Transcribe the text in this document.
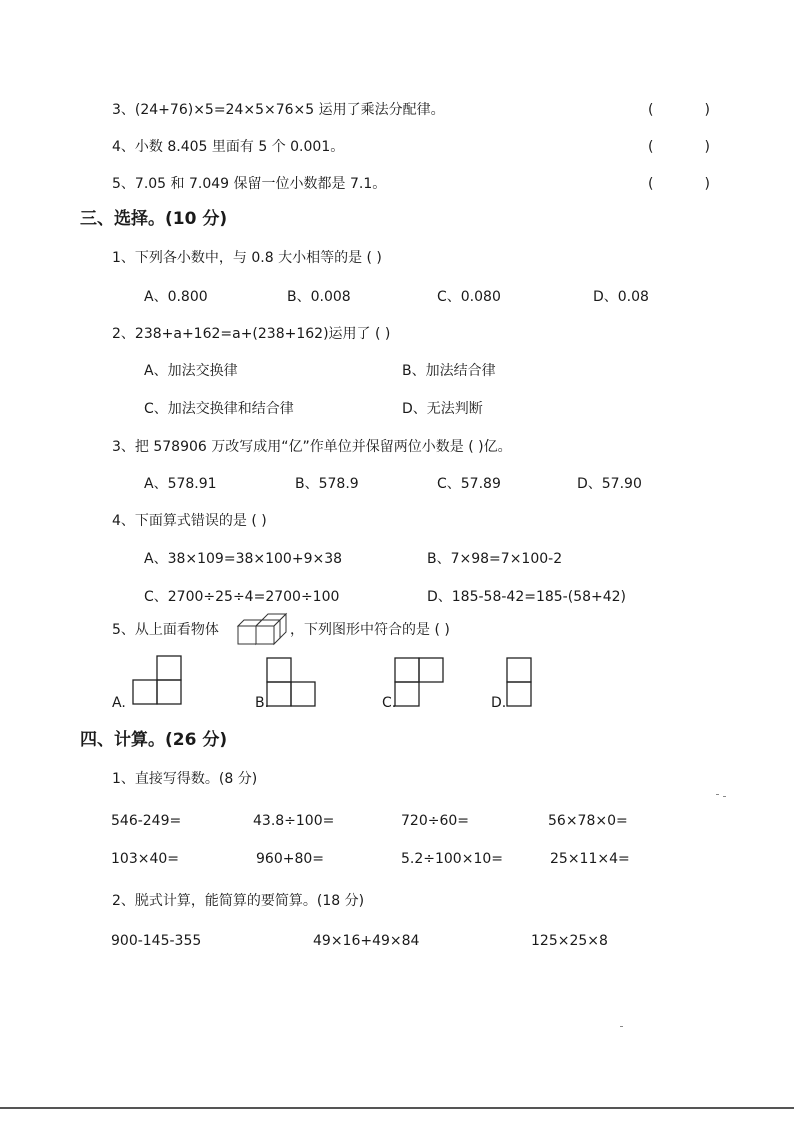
3、(24+76)×5=24×5×76×5 运用了乘法分配律。	(	)
4、小数 8.405 里面有 5 个 0.001。	(	)
5、7.05 和 7.049 保留一位小数都是 7.1。	(	)
三、选择。(10 分)
1、下列各小数中，与 0.8 大小相等的是 ( )
A、0.800	B、0.008	C、0.080	D、0.08
2、238+a+162=a+(238+162)运用了 ( )
A、加法交换律	B、加法结合律
C、加法交换律和结合律	D、无法判断
3、把 578906 万改写成用“亿”作单位并保留两位小数是 ( )亿。
A、578.91	B、578.9	C、57.89	D、57.90
4、下面算式错误的是 ( )
A、38×109=38×100+9×38	B、7×98=7×100-2
C、2700÷25÷4=2700÷100	D、185-58-42=185-(58+42)
5、从上面看物体	，下列图形中符合的是 ( )
A.	B.	C.	D.
四、计算。(26 分)
1、直接写得数。(8 分)
546-249=	43.8÷100=	720÷60=	56×78×0=
103×40=	960+80=	5.2÷100×10=	25×11×4=
2、脱式计算，能简算的要简算。(18 分)
900-145-355	49×16+49×84	125×25×8
